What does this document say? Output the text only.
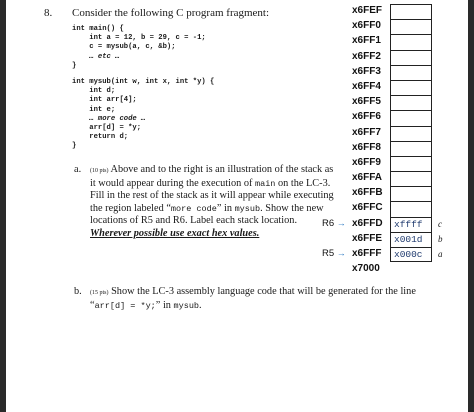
8. Consider the following C program fragment:
int main() {
int a = 12, b = 29, c = -1;
c = mysub(a, c, &b);
… etc …
}
int mysub(int w, int x, int *y) {
int d;
int arr[4];
int e;
… more code …
arr[d] = *y;
return d;
}
a. (10 pts) Above and to the right is an illustration of the stack as it would appear during the execution of main on the LC-3. Fill in the rest of the stack as it will appear while executing the region labeled “more code” in mysub. Show the new locations of R5 and R6. Label each stack location.
Wherever possible use exact hex values.
b. (15 pts) Show the LC-3 assembly language code that will be generated for the line “arr[d] = *y;” in mysub.
x6FEF
x6FF0
x6FF1
x6FF2
x6FF3
x6FF4
x6FF5
x6FF6
x6FF7
x6FF8
x6FF9
x6FFA
x6FFB
x6FFC
R6 → x6FFD xffff c
x6FFE x001d b
R5 → x6FFF x000c a
x7000
